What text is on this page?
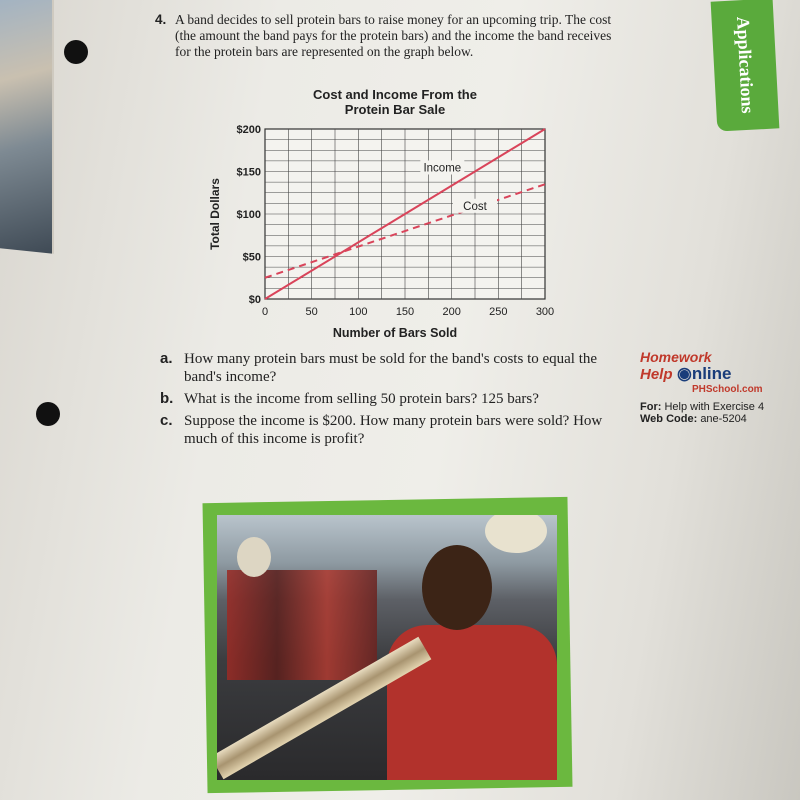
Applications
4. A band decides to sell protein bars to raise money for an upcoming trip. The cost (the amount the band pays for the protein bars) and the income the band receives for the protein bars are represented on the graph below.
Cost and Income From the
Protein Bar Sale
0	50	100	150	200	250	300
$0
$50
$100
$150
$200
Number of Bars Sold
Total Dollars
Income
Cost
a. How many protein bars must be sold for the band's costs to equal the band's income?
b. What is the income from selling 50 protein bars? 125 bars?
c. Suppose the income is $200. How many protein bars were sold? How much of this income is profit?
Homework
Help ◉nline
PHSchool.com
For: Help with Exercise 4
Web Code: ane-5204
